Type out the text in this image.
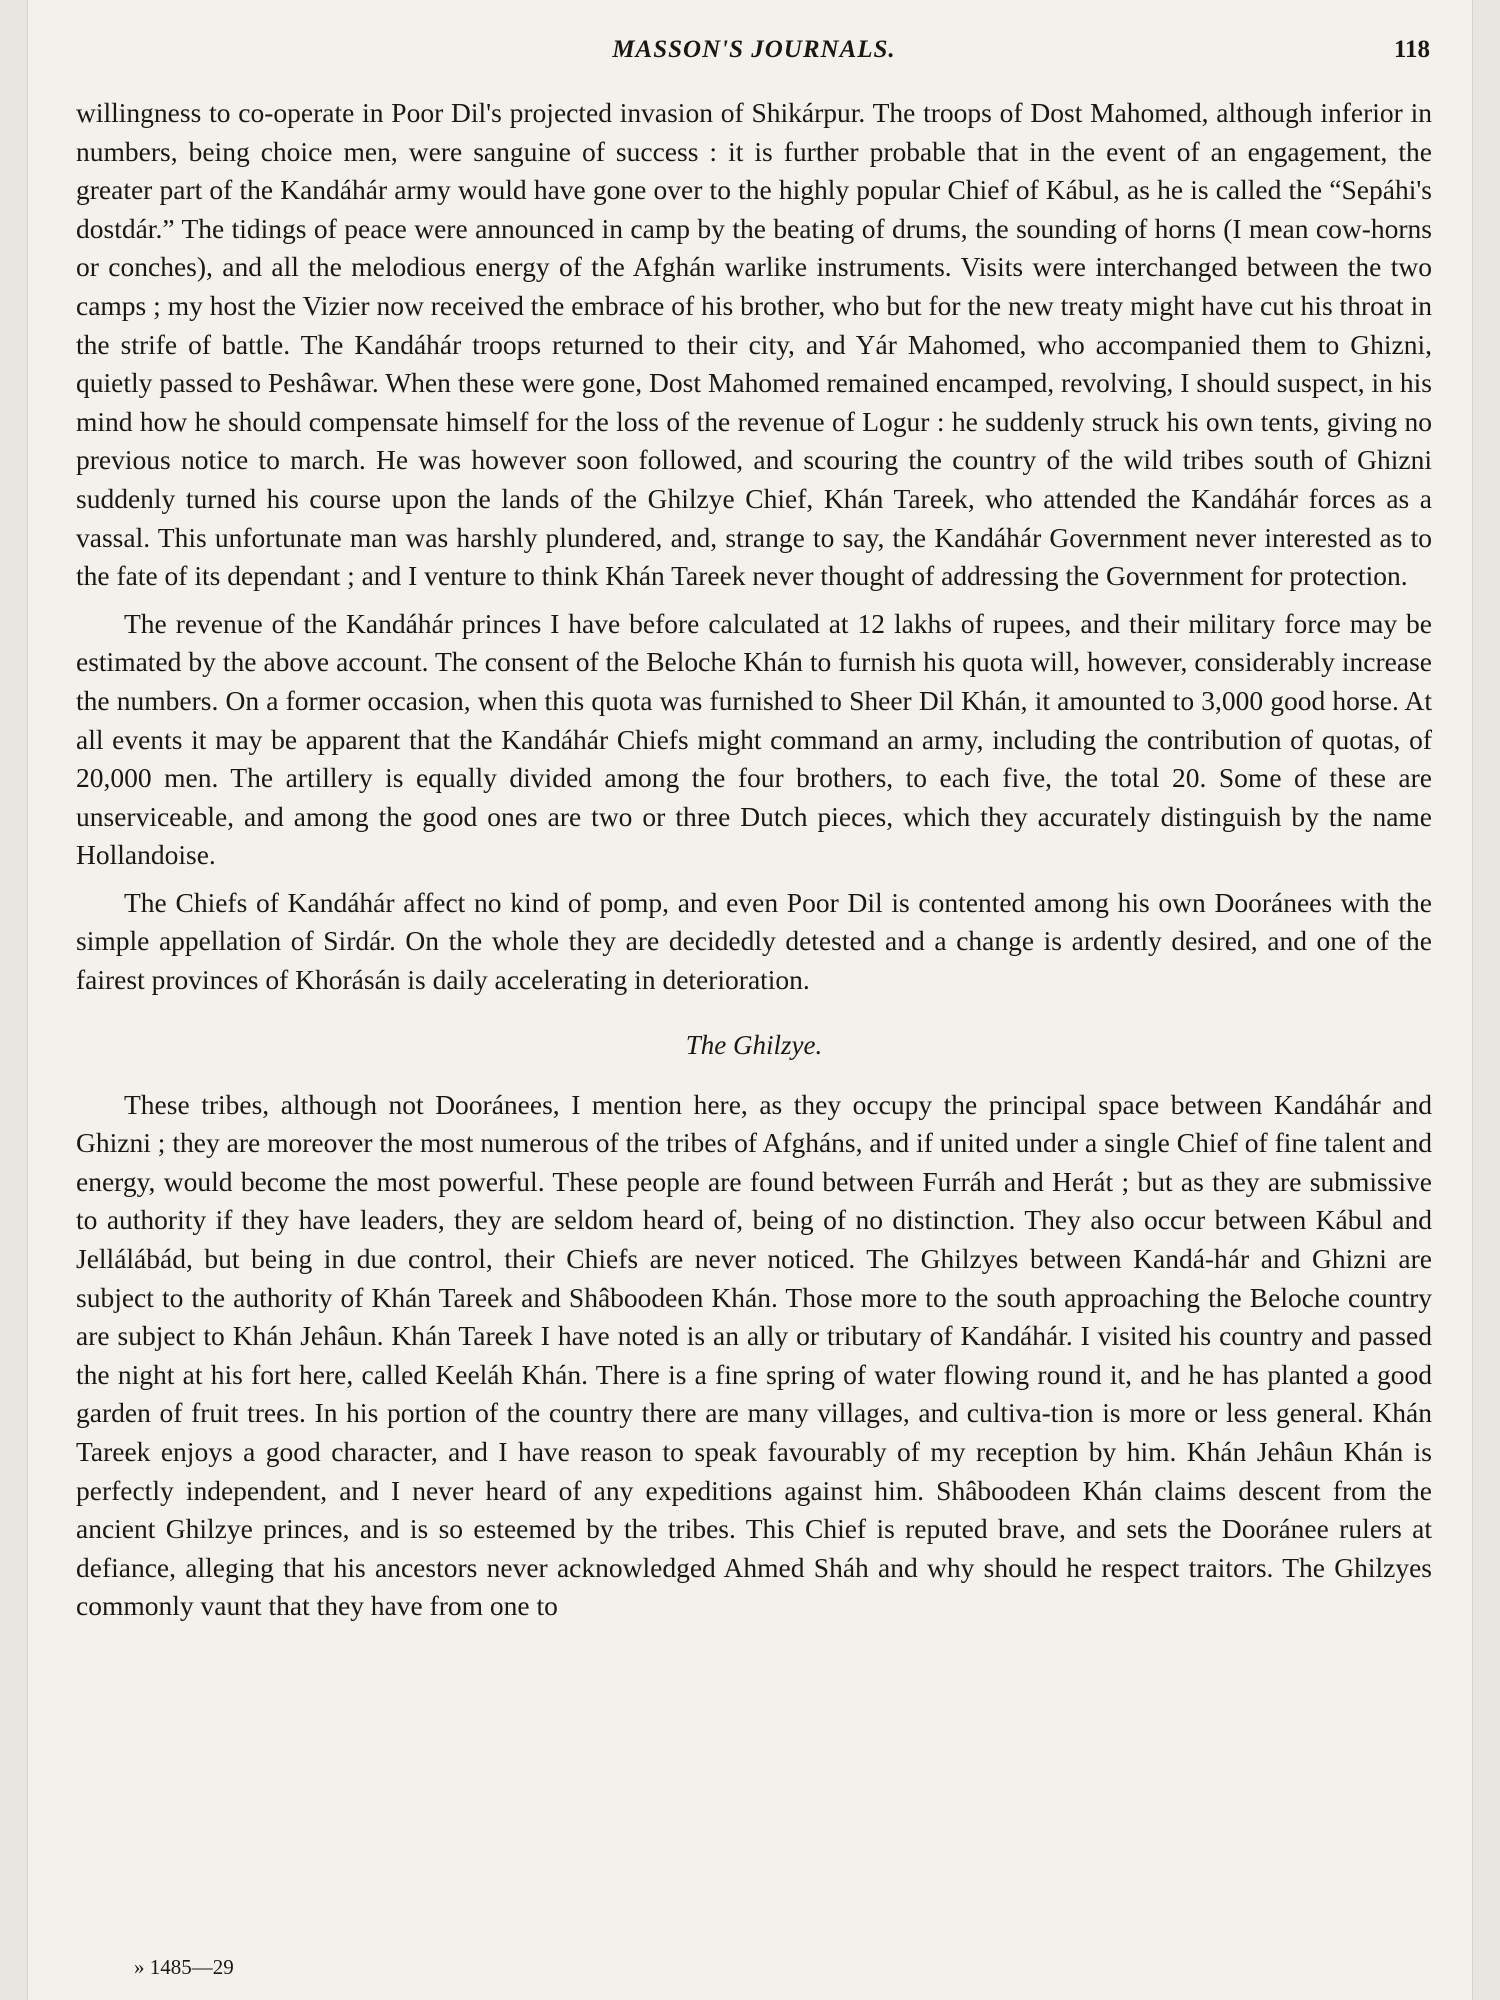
MASSON'S JOURNALS.	118

willingness to co-operate in Poor Dil's projected invasion of Shikárpur. The troops of Dost Mahomed, although inferior in numbers, being choice men, were sanguine of success : it is further probable that in the event of an engagement, the greater part of the Kandáhár army would have gone over to the highly popular Chief of Kábul, as he is called the “Sepáhi's dostdár.” The tidings of peace were announced in camp by the beating of drums, the sounding of horns (I mean cow-horns or conches), and all the melodious energy of the Afghán warlike instruments. Visits were interchanged between the two camps ; my host the Vizier now received the embrace of his brother, who but for the new treaty might have cut his throat in the strife of battle. The Kandáhár troops returned to their city, and Yár Mahomed, who accompanied them to Ghizni, quietly passed to Peshâwar. When these were gone, Dost Mahomed remained encamped, revolving, I should suspect, in his mind how he should compensate himself for the loss of the revenue of Logur : he suddenly struck his own tents, giving no previous notice to march. He was however soon followed, and scouring the country of the wild tribes south of Ghizni suddenly turned his course upon the lands of the Ghilzye Chief, Khán Tareek, who attended the Kandáhár forces as a vassal. This unfortunate man was harshly plundered, and, strange to say, the Kandáhár Government never interested as to the fate of its dependant ; and I venture to think Khán Tareek never thought of addressing the Government for protection.

The revenue of the Kandáhár princes I have before calculated at 12 lakhs of rupees, and their military force may be estimated by the above account. The consent of the Beloche Khán to furnish his quota will, however, considerably increase the numbers. On a former occasion, when this quota was furnished to Sheer Dil Khán, it amounted to 3,000 good horse. At all events it may be apparent that the Kandáhár Chiefs might command an army, including the contribution of quotas, of 20,000 men. The artillery is equally divided among the four brothers, to each five, the total 20. Some of these are unserviceable, and among the good ones are two or three Dutch pieces, which they accurately distinguish by the name Hollandoise.

The Chiefs of Kandáhár affect no kind of pomp, and even Poor Dil is contented among his own Dooránees with the simple appellation of Sirdár. On the whole they are decidedly detested and a change is ardently desired, and one of the fairest provinces of Khorásán is daily accelerating in deterioration.

The Ghilzye.

These tribes, although not Dooránees, I mention here, as they occupy the principal space between Kandáhár and Ghizni ; they are moreover the most numerous of the tribes of Afgháns, and if united under a single Chief of fine talent and energy, would become the most powerful. These people are found between Furráh and Herát ; but as they are submissive to authority if they have leaders, they are seldom heard of, being of no distinction. They also occur between Kábul and Jellálábád, but being in due control, their Chiefs are never noticed. The Ghilzyes between Kandá-hár and Ghizni are subject to the authority of Khán Tareek and Shâboodeen Khán. Those more to the south approaching the Beloche country are subject to Khán Jehâun. Khán Tareek I have noted is an ally or tributary of Kandáhár. I visited his country and passed the night at his fort here, called Keeláh Khán. There is a fine spring of water flowing round it, and he has planted a good garden of fruit trees. In his portion of the country there are many villages, and cultiva-tion is more or less general. Khán Tareek enjoys a good character, and I have reason to speak favourably of my reception by him. Khán Jehâun Khán is perfectly independent, and I never heard of any expeditions against him. Shâboodeen Khán claims descent from the ancient Ghilzye princes, and is so esteemed by the tribes. This Chief is reputed brave, and sets the Dooránee rulers at defiance, alleging that his ancestors never acknowledged Ahmed Sháh and why should he respect traitors. The Ghilzyes commonly vaunt that they have from one to

» 1485—29
